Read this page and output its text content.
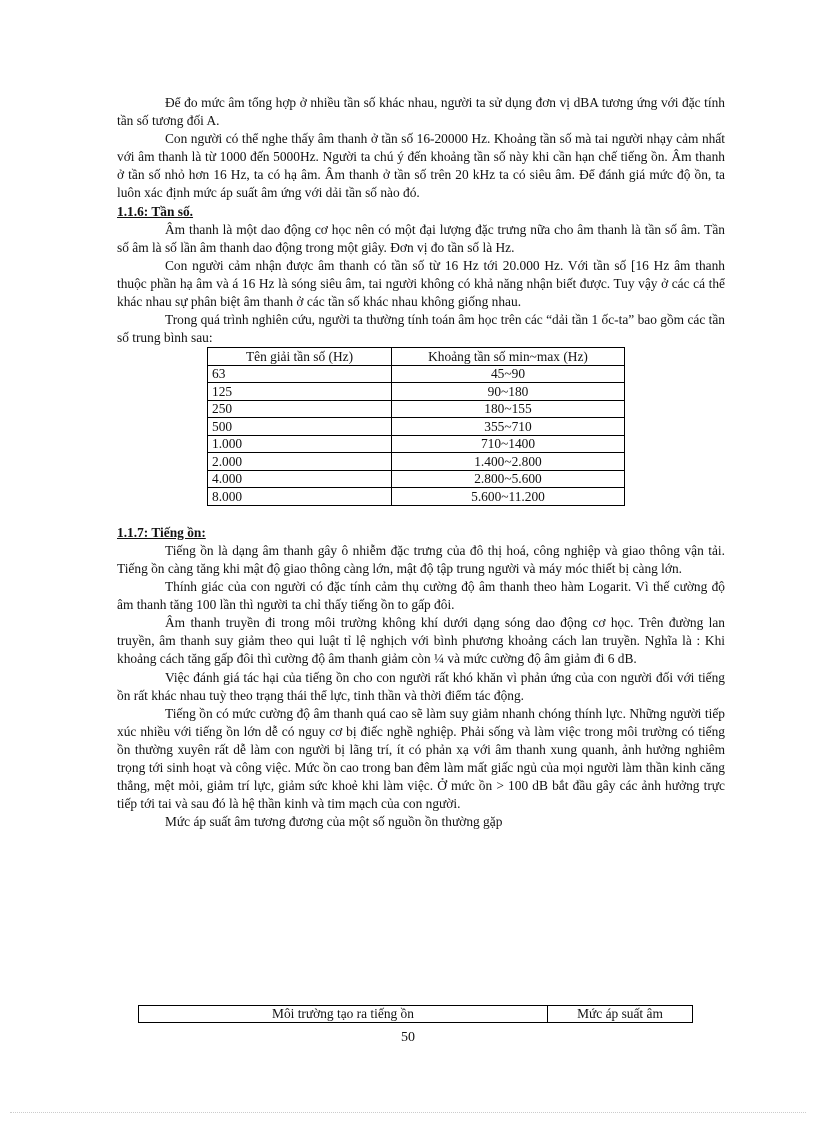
Để đo mức âm tổng hợp ở nhiều tần số khác nhau, người ta sử dụng đơn vị dBA tương ứng với đặc tính tần số tương đối A.

Con người có thể nghe thấy âm thanh ở tần số 16-20000 Hz. Khoảng tần số mà tai người nhạy cảm nhất với âm thanh là từ 1000 đến 5000Hz. Người ta chú ý đến khoảng tần số này khi cần hạn chế tiếng ồn. Âm thanh ở tần số nhỏ hơn 16 Hz, ta có hạ âm. Âm thanh ở tần số trên 20 kHz ta có siêu âm. Để đánh giá mức độ ồn, ta luôn xác định mức áp suất âm ứng với dải tần số nào đó.

1.1.6: Tần số.

Âm thanh là một dao động cơ học nên có một đại lượng đặc trưng nữa cho âm thanh là tần số âm. Tần số âm là số lần âm thanh dao động trong một giây. Đơn vị đo tần số là Hz.

Con người cảm nhận được âm thanh có tần số từ 16 Hz tới 20.000 Hz. Với tần số [16 Hz âm thanh thuộc phần hạ âm và á 16 Hz là sóng siêu âm, tai người không có khả năng nhận biết được. Tuy vậy ở các cá thể khác nhau sự phân biệt âm thanh ở các tần số khác nhau không giống nhau.

Trong quá trình nghiên cứu, người ta thường tính toán âm học trên các “dải tần 1 ốc-ta” bao gồm các tần số trung bình sau:

Tên giải tần số (Hz)	Khoảng tần số min~max (Hz)
63	45~90
125	90~180
250	180~155
500	355~710
1.000	710~1400
2.000	1.400~2.800
4.000	2.800~5.600
8.000	5.600~11.200
1.1.7: Tiếng ồn:

Tiếng ồn là dạng âm thanh gây ô nhiễm đặc trưng của đô thị hoá, công nghiệp và giao thông vận tải. Tiếng ồn càng tăng khi mật độ giao thông càng lớn, mật độ tập trung người và máy móc thiết bị càng lớn.

Thính giác của con người có đặc tính cảm thụ cường độ âm thanh theo hàm Logarit. Vì thế cường độ âm thanh tăng 100 lần thì người ta chỉ thấy tiếng ồn to gấp đôi.

Âm thanh truyền đi trong môi trường không khí dưới dạng sóng dao động cơ học. Trên đường lan truyền, âm thanh suy giảm theo qui luật tỉ lệ nghịch với bình phương khoảng cách lan truyền. Nghĩa là : Khi khoảng cách tăng gấp đôi thì cường độ âm thanh giảm còn ¼ và mức cường độ âm giảm đi 6 dB.

Việc đánh giá tác hại của tiếng ồn cho con người rất khó khăn vì phản ứng của con người đối với tiếng ồn rất khác nhau tuỳ theo trạng thái thể lực, tinh thần và thời điểm tác động.

Tiếng ồn có mức cường độ âm thanh quá cao sẽ làm suy giảm nhanh chóng thính lực. Những người tiếp xúc nhiều với tiếng ồn lớn dễ có nguy cơ bị điếc nghề nghiệp. Phải sống và làm việc trong môi trường có tiếng ồn thường xuyên rất dễ làm con người bị lãng trí, ít có phản xạ với âm thanh xung quanh, ảnh hưởng nghiêm trọng tới sinh hoạt và công việc. Mức ồn cao trong ban đêm làm mất giấc ngủ của mọi người làm thần kinh căng thẳng, mệt mỏi, giảm trí lực, giảm sức khoẻ khi làm việc. Ở mức ồn > 100 dB bắt đầu gây các ảnh hưởng trực tiếp tới tai và sau đó là hệ thần kinh và tim mạch của con người.

Mức áp suất âm tương đương của một số nguồn ồn thường gặp

Môi trường tạo ra tiếng ồn	Mức áp suất âm
50
